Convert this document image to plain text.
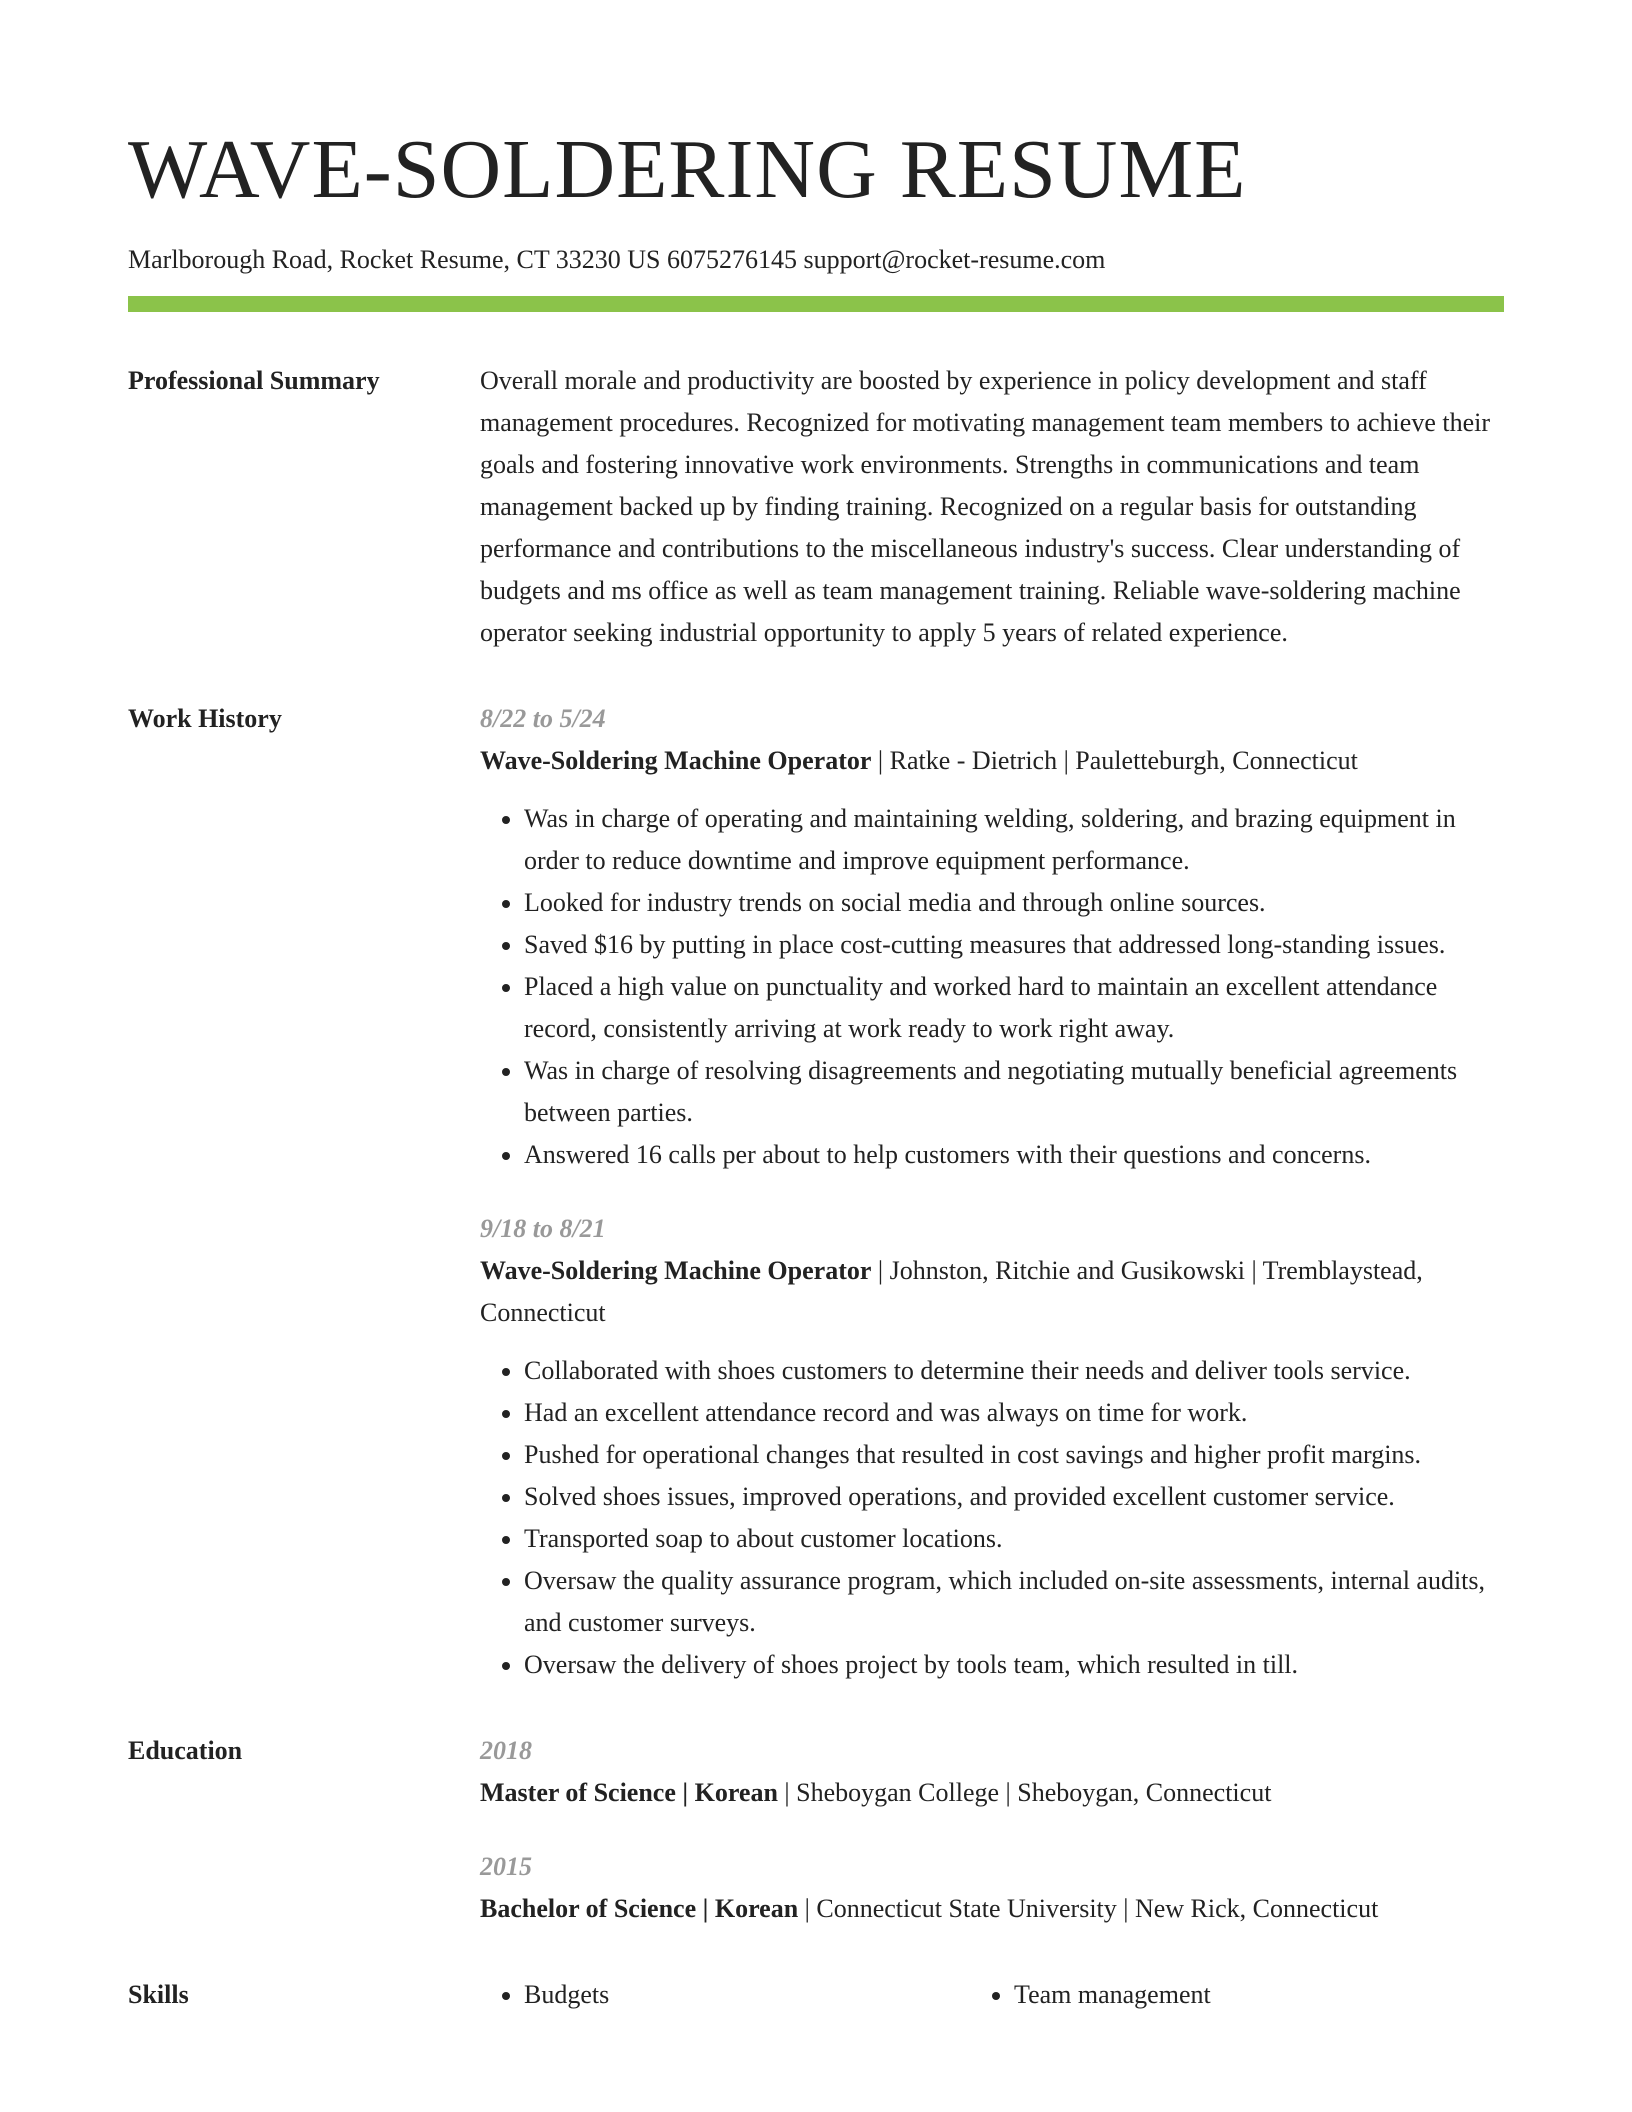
WAVE-SOLDERING RESUME
Marlborough Road, Rocket Resume, CT 33230 US 6075276145 support@rocket-resume.com
Professional Summary	Overall morale and productivity are boosted by experience in policy development and staff management procedures. Recognized for motivating management team members to achieve their goals and fostering innovative work environments. Strengths in communications and team management backed up by finding training. Recognized on a regular basis for outstanding performance and contributions to the miscellaneous industry's success. Clear understanding of budgets and ms office as well as team management training. Reliable wave-soldering machine operator seeking industrial opportunity to apply 5 years of related experience.

Work History	8/22 to 5/24
Wave-Soldering Machine Operator | Ratke - Dietrich | Pauletteburgh, Connecticut
• Was in charge of operating and maintaining welding, soldering, and brazing equipment in order to reduce downtime and improve equipment performance.
• Looked for industry trends on social media and through online sources.
• Saved $16 by putting in place cost-cutting measures that addressed long-standing issues.
• Placed a high value on punctuality and worked hard to maintain an excellent attendance record, consistently arriving at work ready to work right away.
• Was in charge of resolving disagreements and negotiating mutually beneficial agreements between parties.
• Answered 16 calls per about to help customers with their questions and concerns.
9/18 to 8/21
Wave-Soldering Machine Operator | Johnston, Ritchie and Gusikowski | Tremblaystead, Connecticut
• Collaborated with shoes customers to determine their needs and deliver tools service.
• Had an excellent attendance record and was always on time for work.
• Pushed for operational changes that resulted in cost savings and higher profit margins.
• Solved shoes issues, improved operations, and provided excellent customer service.
• Transported soap to about customer locations.
• Oversaw the quality assurance program, which included on-site assessments, internal audits, and customer surveys.
• Oversaw the delivery of shoes project by tools team, which resulted in till.
Education	2018
Master of Science | Korean | Sheboygan College | Sheboygan, Connecticut
2015
Bachelor of Science | Korean | Connecticut State University | New Rick, Connecticut
Skills	• Budgets	• Team management
